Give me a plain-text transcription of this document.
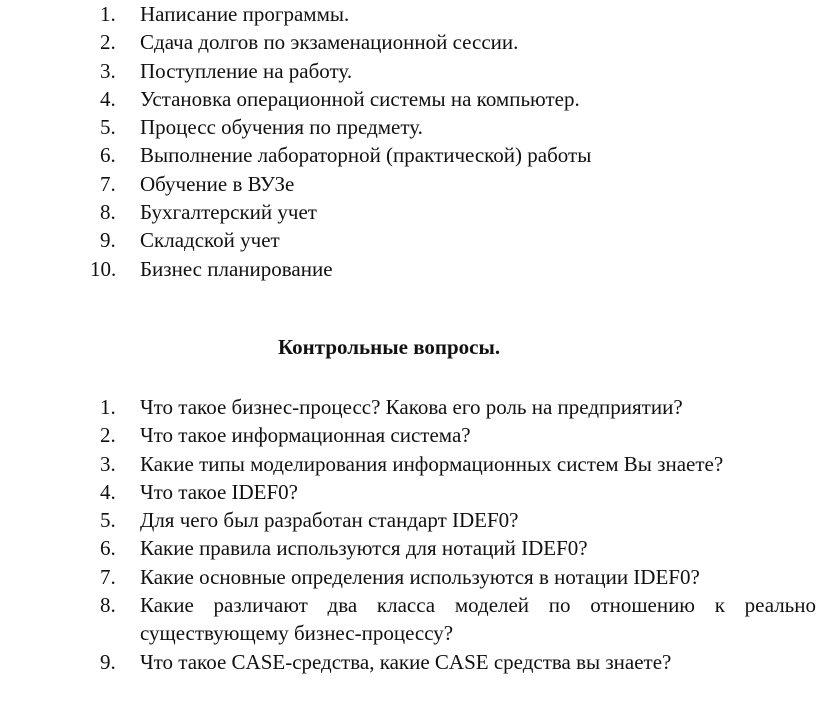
1. Написание программы.
2. Сдача долгов по экзаменационной сессии.
3. Поступление на работу.
4. Установка операционной системы на компьютер.
5. Процесс обучения по предмету.
6. Выполнение лабораторной (практической) работы
7. Обучение в ВУЗе
8. Бухгалтерский учет
9. Складской учет
10. Бизнес планирование
Контрольные вопросы.
1. Что такое бизнес-процесс? Какова его роль на предприятии?
2. Что такое информационная система?
3. Какие типы моделирования информационных систем Вы знаете?
4. Что такое IDEF0?
5. Для чего был разработан стандарт IDEF0?
6. Какие правила используются для нотаций IDEF0?
7. Какие основные определения используются в нотации IDEF0?
8. Какие различают два класса моделей по отношению к реально
существующему бизнес-процессу?
9. Что такое CASE-средства, какие CASE средства вы знаете?
